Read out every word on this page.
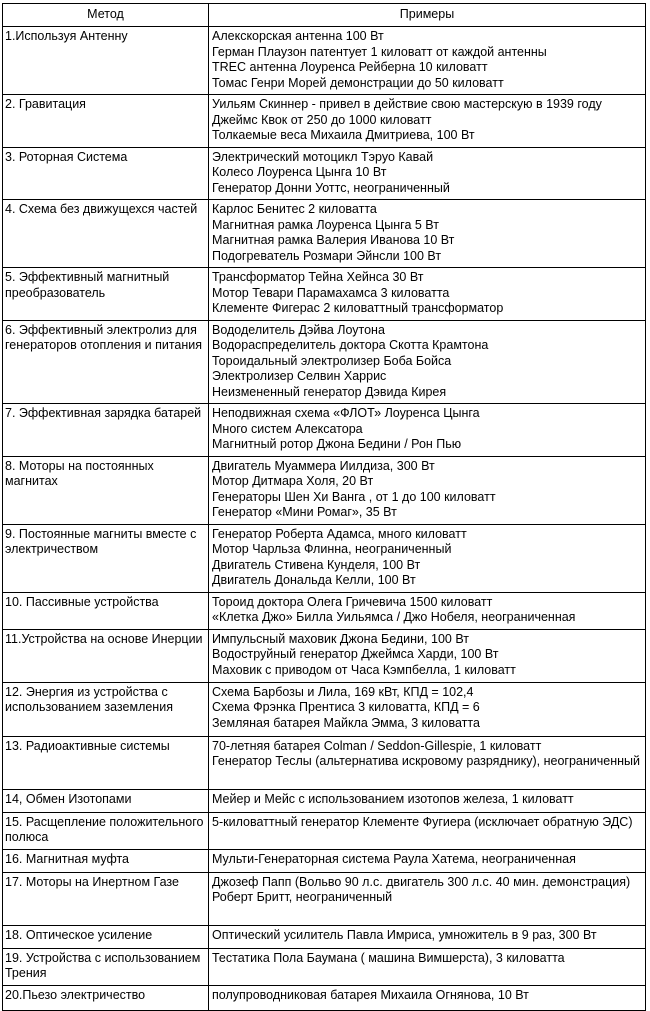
Метод	Примеры
1.Используя Антенну	Алекскорская антенна 100 Вт
Герман Плаузон патентует 1 киловатт от каждой антенны
TREC антенна Лоуренса Рейберна 10 киловатт
Томас Генри Морей демонстрации до 50 киловатт

2. Гравитация	Уильям Скиннер - привел в действие свою мастерскую в 1939 году
Джеймс Квок от 250 до 1000 киловатт
Толкаемые веса Михаила Дмитриева, 100 Вт

3. Роторная Система	Электрический мотоцикл Тэруо Кавай
Колесо Лоуренса Цынга 10 Вт
Генератор Донни Уоттс, неограниченный

4. Схема без движущехся частей	Карлос Бенитес 2 киловатта
Магнитная рамка Лоуренса Цынга 5 Вт
Магнитная рамка Валерия Иванова 10 Вт
Подогреватель Розмари Эйнсли 100 Вт

5. Эффективный магнитный преобразователь	Трансформатор Тейна Хейнса 30 Вт
Мотор Тевари Парамахамса 3 киловатта
Клементе Фигерас 2 киловаттный трансформатор

6. Эффективный электролиз для генераторов отопления и питания	Вододелитель Дэйва Лоутона
Водораспределитель доктора Скотта Крамтона
Тороидальный электролизер Боба Бойса
Электролизер Селвин Харрис
Неизмененный генератор Дэвида Кирея

7. Эффективная зарядка батарей	Неподвижная схема «ФЛОТ» Лоуренса Цынга
Много систем Алексатора
Магнитный ротор Джона Бедини / Рон Пью

8. Моторы на постоянных магнитах	Двигатель Муаммера Иилдиза, 300 Вт
Мотор Дитмара Холя, 20 Вт
Генераторы Шен Хи Ванга , от 1 до 100 киловатт
Генератор «Мини Ромаг», 35 Вт

9. Постоянные магниты вместе с электричеством	Генератор Роберта Адамса, много киловатт
Мотор Чарльза Флинна, неограниченный
Двигатель Стивена Кунделя, 100 Вт
Двигатель Дональда Келли, 100 Вт

10. Пассивные устройства	Тороид доктора Олега Гричевича 1500 киловатт
«Клетка Джо» Билла Уильямса / Джо Нобеля, неограниченная

11.Устройства на основе Инерции	Импульсный маховик Джона Бедини, 100 Вт
Водоструйный генератор Джеймса Харди, 100 Вт
Маховик с приводом от Часа Кэмпбелла, 1 киловатт

12. Энергия из устройства с использованием заземления	Схема Барбозы и Лила, 169 кВт, КПД = 102,4
Схема Фрэнка Прентиса 3 киловатта, КПД = 6
Земляная батарея Майкла Эмма, 3 киловатта

13. Радиоактивные системы	70-летняя батарея Colman / Seddon-Gillespie, 1 киловатт
Генератор Теслы (альтернатива искровому разряднику), неограниченный

14, Обмен Изотопами	Мейер и Мейс с использованием изотопов железа, 1 киловатт

15. Расщепление положительного полюса	5-киловаттный генератор Клементе Фугиера (исключает обратную ЭДС)

16. Магнитная муфта	Мульти-Генераторная система Раула Хатема, неограниченная

17. Моторы на Инертном Газе	Джозеф Папп (Вольво 90 л.с. двигатель 300 л.с. 40 мин. демонстрация)
Роберт Бритт, неограниченный

18. Оптическое усиление	Оптический усилитель Павла Имриса, умножитель в 9 раз, 300 Вт

19. Устройства с использованием Трения	Тестатика Пола Баумана ( машина Вимшерста), 3 киловатта

20.Пьезо электричество	полупроводниковая батарея Михаила Огнянова, 10 Вт
